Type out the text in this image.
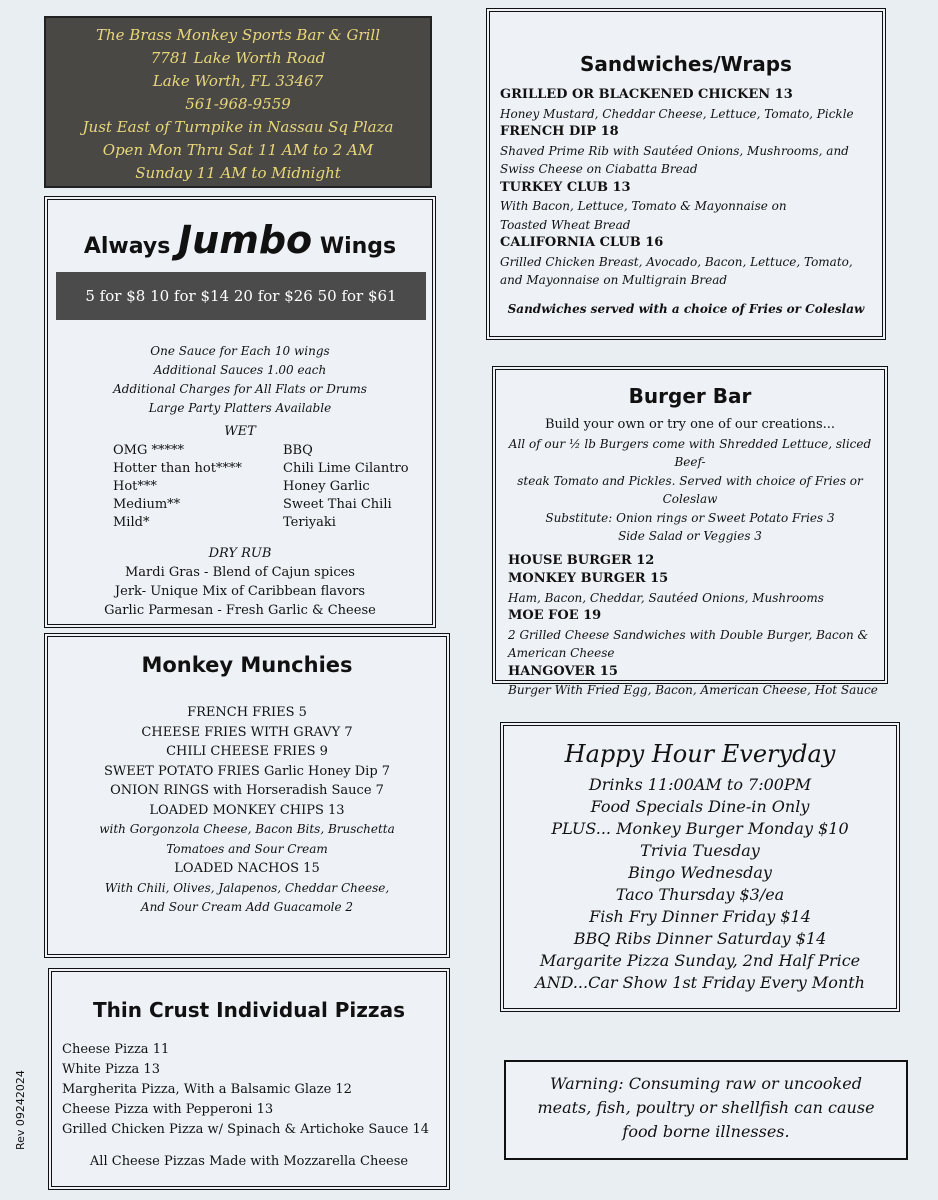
The Brass Monkey Sports Bar & Grill

7781 Lake Worth Road

Lake Worth, FL 33467

561-968-9559

Just East of Turnpike in Nassau Sq Plaza

Open Mon Thru Sat 11 AM to 2 AM

Sunday 11 AM to Midnight

Always Jumbo Wings
5 for $8 10 for $14 20 for $26 50 for $61

One Sauce for Each 10 wings

Additional Sauces 1.00 each

Additional Charges for All Flats or Drums

Large Party Platters Available

WET

OMG *****

Hotter than hot****

Hot***

Medium**

Mild*

BBQ

Chili Lime Cilantro

Honey Garlic

Sweet Thai Chili

Teriyaki

DRY RUB

Mardi Gras - Blend of Cajun spices

Jerk- Unique Mix of Caribbean flavors

Garlic Parmesan - Fresh Garlic & Cheese

Monkey Munchies

FRENCH FRIES 5

CHEESE FRIES WITH GRAVY 7

CHILI CHEESE FRIES 9

SWEET POTATO FRIES Garlic Honey Dip 7

ONION RINGS with Horseradish Sauce 7

LOADED MONKEY CHIPS 13

with Gorgonzola Cheese, Bacon Bits, Bruschetta

Tomatoes and Sour Cream

LOADED NACHOS 15

With Chili, Olives, Jalapenos, Cheddar Cheese,

And Sour Cream Add Guacamole 2

Thin Crust Individual Pizzas

Cheese Pizza 11

White Pizza 13

Margherita Pizza, With a Balsamic Glaze 12

Cheese Pizza with Pepperoni 13

Grilled Chicken Pizza w/ Spinach & Artichoke Sauce 14

All Cheese Pizzas Made with Mozzarella Cheese

Sandwiches/Wraps

GRILLED OR BLACKENED CHICKEN 13

Honey Mustard, Cheddar Cheese, Lettuce, Tomato, Pickle

FRENCH DIP 18

Shaved Prime Rib with Sautéed Onions, Mushrooms, and

Swiss Cheese on Ciabatta Bread

TURKEY CLUB 13

With Bacon, Lettuce, Tomato & Mayonnaise on

Toasted Wheat Bread

CALIFORNIA CLUB 16

Grilled Chicken Breast, Avocado, Bacon, Lettuce, Tomato,

and Mayonnaise on Multigrain Bread

Sandwiches served with a choice of Fries or Coleslaw

Burger Bar

Build your own or try one of our creations...

All of our ½ lb Burgers come with Shredded Lettuce, sliced Beef-

steak Tomato and Pickles. Served with choice of Fries or Coleslaw

Substitute: Onion rings or Sweet Potato Fries 3

Side Salad or Veggies 3

HOUSE BURGER 12

MONKEY BURGER 15

Ham, Bacon, Cheddar, Sautéed Onions, Mushrooms

MOE FOE 19

2 Grilled Cheese Sandwiches with Double Burger, Bacon &

American Cheese

HANGOVER 15

Burger With Fried Egg, Bacon, American Cheese, Hot Sauce

Happy Hour Everyday

Drinks 11:00AM to 7:00PM

Food Specials Dine-in Only

PLUS... Monkey Burger Monday $10

Trivia Tuesday

Bingo Wednesday

Taco Thursday $3/ea

Fish Fry Dinner Friday $14

BBQ Ribs Dinner Saturday $14

Margarite Pizza Sunday, 2nd Half Price

AND...Car Show 1st Friday Every Month

Warning: Consuming raw or uncooked

meats, fish, poultry or shellfish can cause

food borne illnesses.

Rev 09242024
